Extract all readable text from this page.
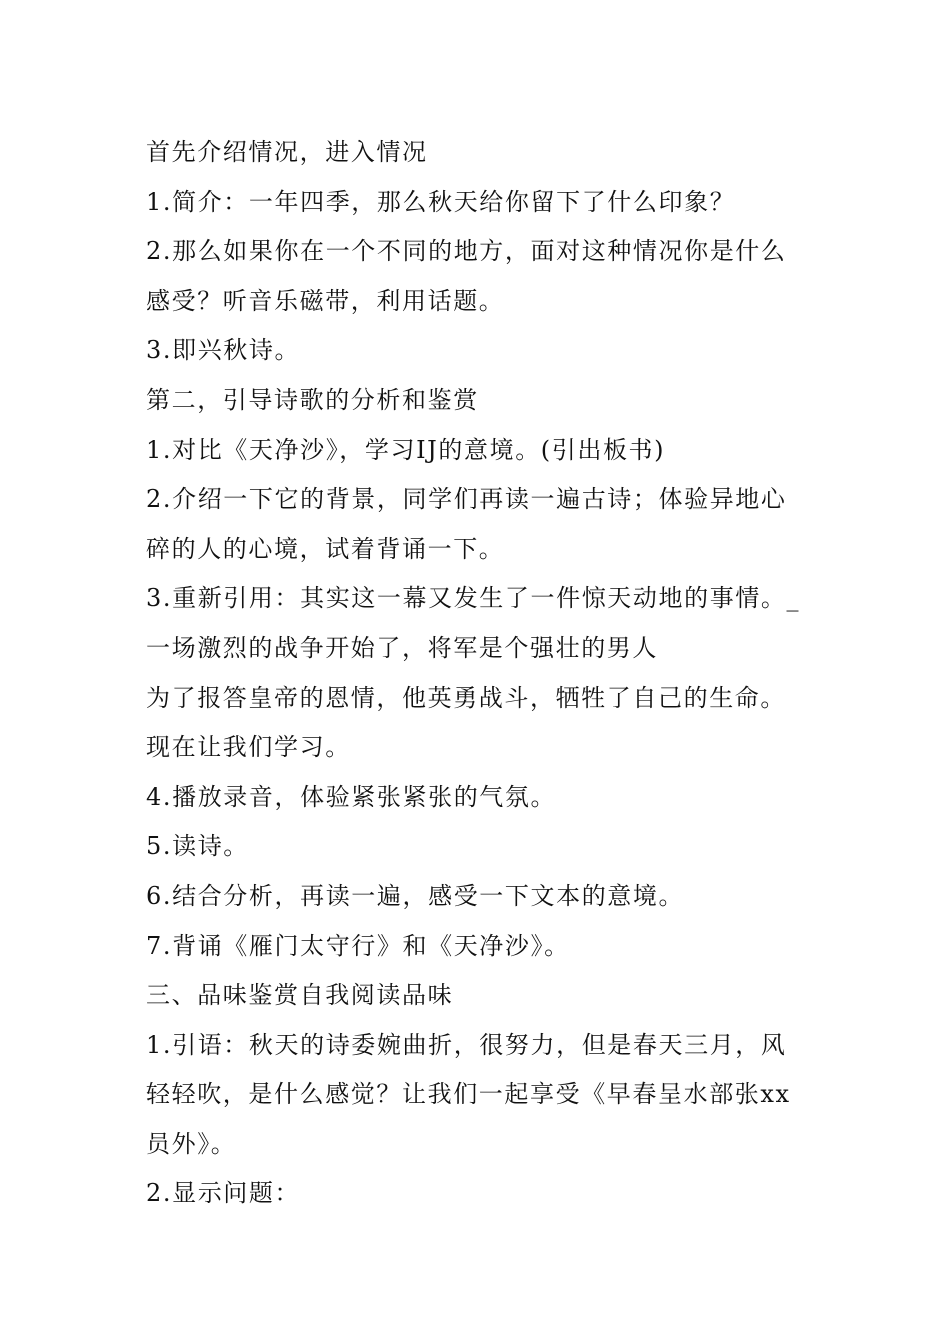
首先介绍情况，进入情况
1.简介：一年四季，那么秋天给你留下了什么印象？
2.那么如果你在一个不同的地方，面对这种情况你是什么
感受？听音乐磁带，利用话题。
3.即兴秋诗。
第二，引导诗歌的分析和鉴赏
1.对比《天净沙》，学习IJ的意境。(引出板书)
2.介绍一下它的背景，同学们再读一遍古诗；体验异地心
碎的人的心境，试着背诵一下。
3.重新引用：其实这一幕又发生了一件惊天动地的事情。_
一场激烈的战争开始了，将军是个强壮的男人
为了报答皇帝的恩情，他英勇战斗，牺牲了自己的生命。
现在让我们学习。
4.播放录音，体验紧张紧张的气氛。
5.读诗。
6.结合分析，再读一遍，感受一下文本的意境。
7.背诵《雁门太守行》和《天净沙》。
三、品味鉴赏自我阅读品味
1.引语：秋天的诗委婉曲折，很努力，但是春天三月，风
轻轻吹，是什么感觉？让我们一起享受《早春呈水部张xx
员外》。
2.显示问题：
